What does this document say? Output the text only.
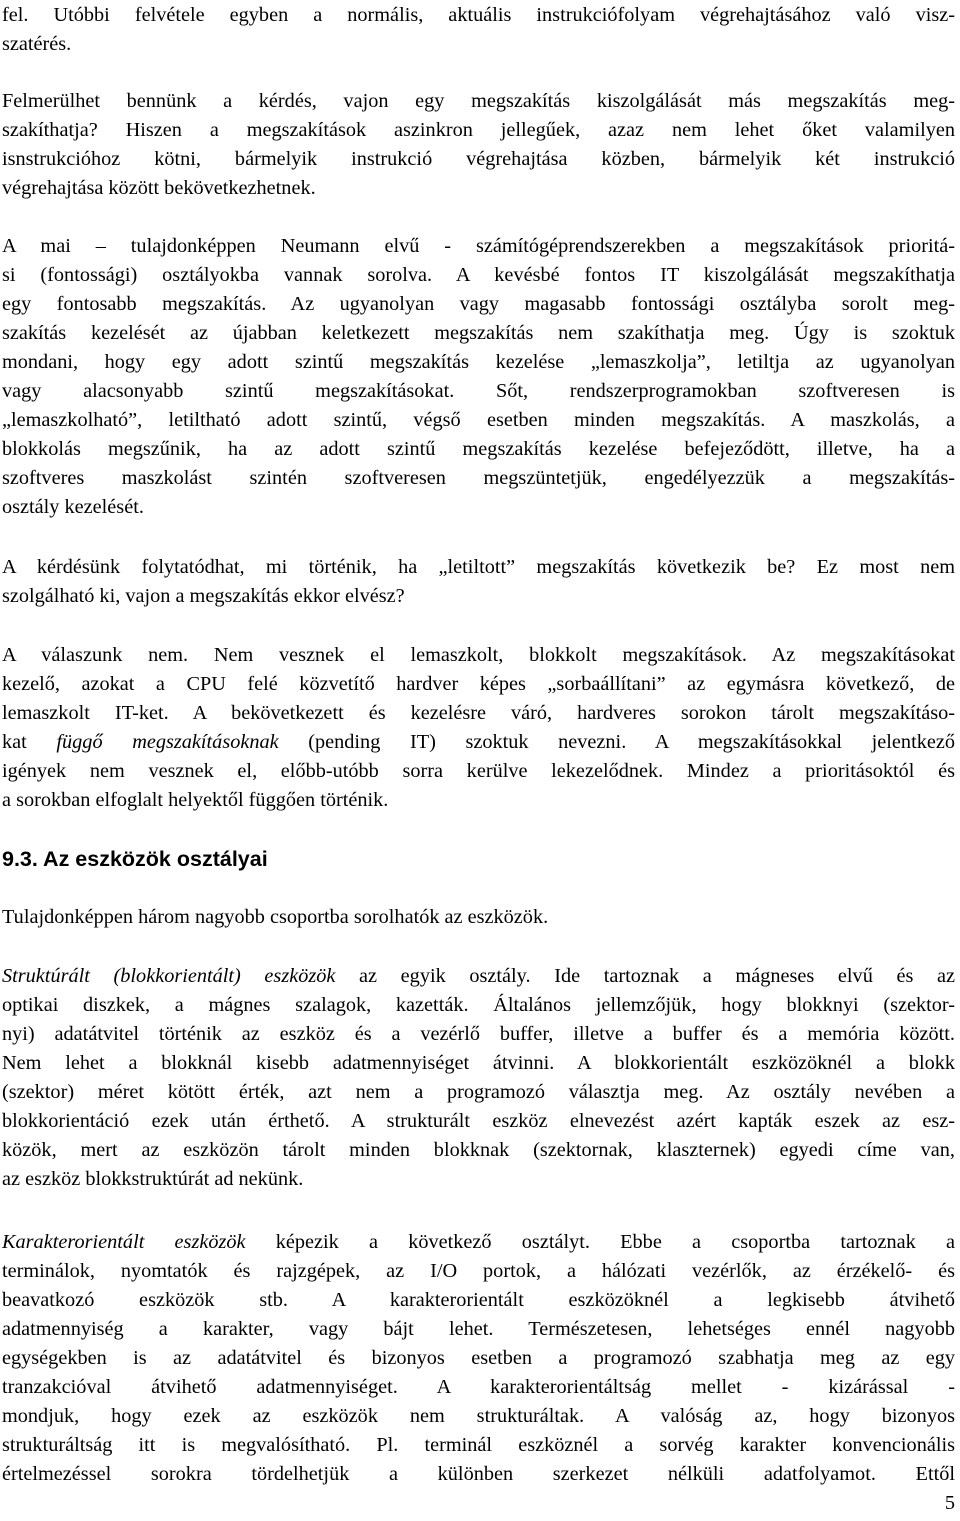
fel. Utóbbi felvétele egyben a normális, aktuális instrukciófolyam végrehajtásához való visz-
szatérés.
Felmerülhet bennünk a kérdés, vajon egy megszakítás kiszolgálását más megszakítás meg-
szakíthatja? Hiszen a megszakítások aszinkron jellegűek, azaz nem lehet őket valamilyen
isnstrukcióhoz kötni, bármelyik instrukció végrehajtása közben, bármelyik két instrukció
végrehajtása között bekövetkezhetnek.
A mai – tulajdonképpen Neumann elvű - számítógéprendszerekben a megszakítások prioritá-
si (fontossági) osztályokba vannak sorolva. A kevésbé fontos IT kiszolgálását megszakíthatja
egy fontosabb megszakítás. Az ugyanolyan vagy magasabb fontossági osztályba sorolt meg-
szakítás kezelését az újabban keletkezett megszakítás nem szakíthatja meg. Úgy is szoktuk
mondani, hogy egy adott szintű megszakítás kezelése „lemaszkolja”, letiltja az ugyanolyan
vagy alacsonyabb szintű megszakításokat. Sőt, rendszerprogramokban szoftveresen is
„lemaszkolható”, letiltható adott szintű, végső esetben minden megszakítás. A maszkolás, a
blokkolás megszűnik, ha az adott szintű megszakítás kezelése befejeződött, illetve, ha a
szoftveres maszkolást szintén szoftveresen megszüntetjük, engedélyezzük a megszakítás-
osztály kezelését.
A kérdésünk folytatódhat, mi történik, ha „letiltott” megszakítás következik be? Ez most nem
szolgálható ki, vajon a megszakítás ekkor elvész?
A válaszunk nem. Nem vesznek el lemaszkolt, blokkolt megszakítások. Az megszakításokat
kezelő, azokat a CPU felé közvetítő hardver képes „sorbaállítani” az egymásra következő, de
lemaszkolt IT-ket. A bekövetkezett és kezelésre váró, hardveres sorokon tárolt megszakításo-
kat függő megszakításoknak (pending IT) szoktuk nevezni. A megszakításokkal jelentkező
igények nem vesznek el, előbb-utóbb sorra kerülve lekezelődnek. Mindez a prioritásoktól és
a sorokban elfoglalt helyektől függően történik.
9.3. Az eszközök osztályai
Tulajdonképpen három nagyobb csoportba sorolhatók az eszközök.
Struktúrált (blokkorientált) eszközök az egyik osztály. Ide tartoznak a mágneses elvű és az
optikai diszkek, a mágnes szalagok, kazetták. Általános jellemzőjük, hogy blokknyi (szektor-
nyi) adatátvitel történik az eszköz és a vezérlő buffer, illetve a buffer és a memória között.
Nem lehet a blokknál kisebb adatmennyiséget átvinni. A blokkorientált eszközöknél a blokk
(szektor) méret kötött érték, azt nem a programozó választja meg. Az osztály nevében a
blokkorientáció ezek után érthető. A strukturált eszköz elnevezést azért kapták eszek az esz-
közök, mert az eszközön tárolt minden blokknak (szektornak, klaszternek) egyedi címe van,
az eszköz blokkstruktúrát ad nekünk.
Karakterorientált eszközök képezik a következő osztályt. Ebbe a csoportba tartoznak a
terminálok, nyomtatók és rajzgépek, az I/O portok, a hálózati vezérlők, az érzékelő- és
beavatkozó eszközök stb. A karakterorientált eszközöknél a legkisebb átvihető
adatmennyiség a karakter, vagy bájt lehet. Természetesen, lehetséges ennél nagyobb
egységekben is az adatátvitel és bizonyos esetben a programozó szabhatja meg az egy
tranzakcióval átvihető adatmennyiséget. A karakterorientáltság mellet - kizárással -
mondjuk, hogy ezek az eszközök nem strukturáltak. A valóság az, hogy bizonyos
strukturáltság itt is megvalósítható. Pl. terminál eszköznél a sorvég karakter konvencionális
értelmezéssel sorokra tördelhetjük a különben szerkezet nélküli adatfolyamot. Ettől
5
